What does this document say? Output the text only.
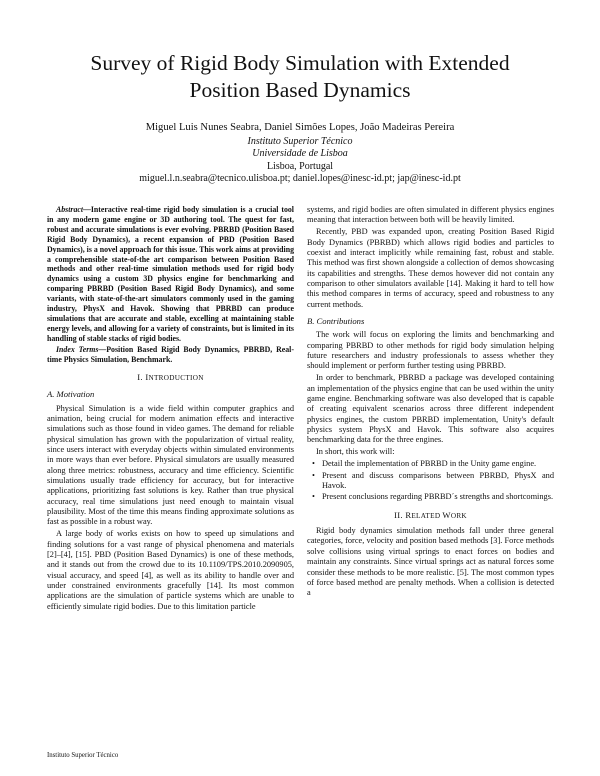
Survey of Rigid Body Simulation with Extended
Position Based Dynamics
Miguel Luis Nunes Seabra, Daniel Simões Lopes, João Madeiras Pereira
Instituto Superior Técnico
Universidade de Lisboa
Lisboa, Portugal
miguel.l.n.seabra@tecnico.ulisboa.pt; daniel.lopes@inesc-id.pt; jap@inesc-id.pt

Abstract—Interactive real-time rigid body simulation is a crucial tool in any modern game engine or 3D authoring tool. The quest for fast, robust and accurate simulations is ever evolving. PBRBD (Position Based Rigid Body Dynamics), a recent expansion of PBD (Position Based Dynamics), is a novel approach for this issue. This work aims at providing a comprehensible state-of-the art comparison between Position Based methods and other real-time simulation methods used for rigid body dynamics using a custom 3D physics engine for benchmarking and comparing PBRBD (Position Based Rigid Body Dynamics), and some variants, with state-of-the-art simulators commonly used in the gaming industry, PhysX and Havok. Showing that PBRBD can produce simulations that are accurate and stable, excelling at maintaining stable energy levels, and allowing for a variety of constraints, but is limited in its handling of stable stacks of rigid bodies.

Index Terms—Position Based Rigid Body Dynamics, PBRBD, Real-time Physics Simulation, Benchmark.

I. INTRODUCTION
A. Motivation

Physical Simulation is a wide field within computer graphics and animation, being crucial for modern animation effects and interactive simulations such as those found in video games. The demand for reliable physical simulation has grown with the popularization of virtual reality, since users interact with everyday objects within simulated environments in more ways than ever before. Physical simulators are usually measured along three metrics: robustness, accuracy and time efficiency. Scientific simulations usually trade efficiency for accuracy, but for interactive applications, prioritizing fast solutions is key. Rather than true physical accuracy, real time simulations just need enough to maintain visual plausibility. Most of the time this means finding approximate solutions as fast as possible in a robust way.

A large body of works exists on how to speed up simulations and finding solutions for a vast range of physical phenomena and materials [2]–[4], [15]. PBD (Position Based Dynamics) is one of these methods, and it stands out from the crowd due to its 10.1109/TPS.2010.2090905, visual accuracy, and speed [4], as well as its ability to handle over and under constrained environments gracefully [14]. Its most common applications are the simulation of particle systems which are unable to efficiently simulate rigid bodies. Due to this limitation particle

systems, and rigid bodies are often simulated in different physics engines meaning that interaction between both will be heavily limited.

Recently, PBD was expanded upon, creating Position Based Rigid Body Dynamics (PBRBD) which allows rigid bodies and particles to coexist and interact implicitly while remaining fast, robust and stable. This method was first shown alongside a collection of demos showcasing its capabilities and strengths. These demos however did not contain any comparison to other simulators available [14]. Making it hard to tell how this method compares in terms of accuracy, speed and robustness to any current methods.

B. Contributions

The work will focus on exploring the limits and benchmarking and comparing PBRBD to other methods for rigid body simulation helping future researchers and industry professionals to assess whether they should implement or perform further testing using PBRBD.

In order to benchmark, PBRBD a package was developed containing an implementation of the physics engine that can be used within the unity game engine. Benchmarking software was also developed that is capable of creating equivalent scenarios across three different independent physics engines, the custom PBRBD implementation, Unity's default physics system PhysX and Havok. This software also acquires benchmarking data for the three engines.

In short, this work will:

• Detail the implementation of PBRBD in the Unity game engine.
• Present and discuss comparisons between PBRBD, PhysX and Havok.
• Present conclusions regarding PBRBD´s strengths and shortcomings.
II. RELATED WORK

Rigid body dynamics simulation methods fall under three general categories, force, velocity and position based methods [3]. Force methods solve collisions using virtual springs to enact forces on bodies and maintain any constraints. Since virtual springs act as natural forces some consider these methods to be more realistic. [5]. The most common types of force based method are penalty methods. When a collision is detected a

Instituto Superior Técnico
